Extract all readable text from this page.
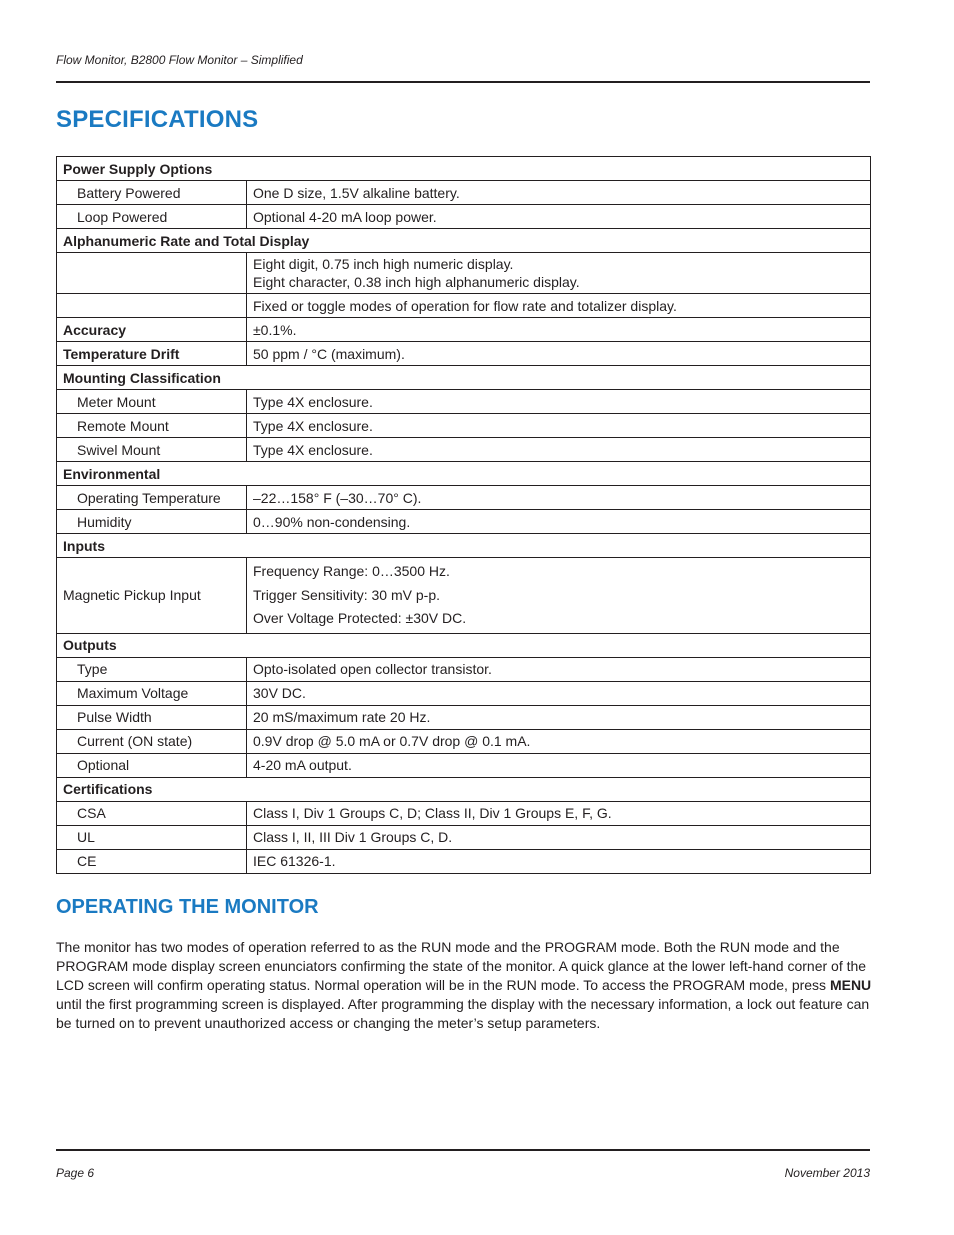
Flow Monitor, B2800 Flow Monitor – Simplified
SPECIFICATIONS
Power Supply Options	
Battery Powered	One D size, 1.5V alkaline battery.
Loop Powered	Optional 4-20 mA loop power.
Alphanumeric Rate and Total Display	

	Eight digit, 0.75 inch high numeric display.
Eight character, 0.38 inch high alphanumeric display.

	Fixed or toggle modes of operation for flow rate and totalizer display.
Accuracy	±0.1%.
Temperature Drift	50 ppm / °C (maximum).
Mounting Classification	
Meter Mount	Type 4X enclosure.
Remote Mount	Type 4X enclosure.
Swivel Mount	Type 4X enclosure.
Environmental	
Operating Temperature	–22…158° F (–30…70° C).
Humidity	0…90% non-condensing.
Inputs	
Magnetic Pickup Input	Frequency Range: 0…3500 Hz.
Trigger Sensitivity: 30 mV p-p.
Over Voltage Protected: ±30V DC.

Outputs	
Type	Opto-isolated open collector transistor.
Maximum Voltage	30V DC.
Pulse Width	20 mS/maximum rate 20 Hz.
Current (ON state)	0.9V drop @ 5.0 mA or 0.7V drop @ 0.1 mA.
Optional	4-20 mA output.
Certifications	
CSA	Class I, Div 1 Groups C, D; Class II, Div 1 Groups E, F, G.
UL	Class I, II, III Div 1 Groups C, D.
CE	IEC 61326-1.
OPERATING THE MONITOR

The monitor has two modes of operation referred to as the RUN mode and the PROGRAM mode. Both the RUN mode and the PROGRAM mode display screen enunciators confirming the state of the monitor. A quick glance at the lower left-hand corner of the LCD screen will confirm operating status. Normal operation will be in the RUN mode. To access the PROGRAM mode, press MENU until the first programming screen is displayed. After programming the display with the necessary information, a lock out feature can be turned on to prevent unauthorized access or changing the meter’s setup parameters.

Page 6	November 2013
